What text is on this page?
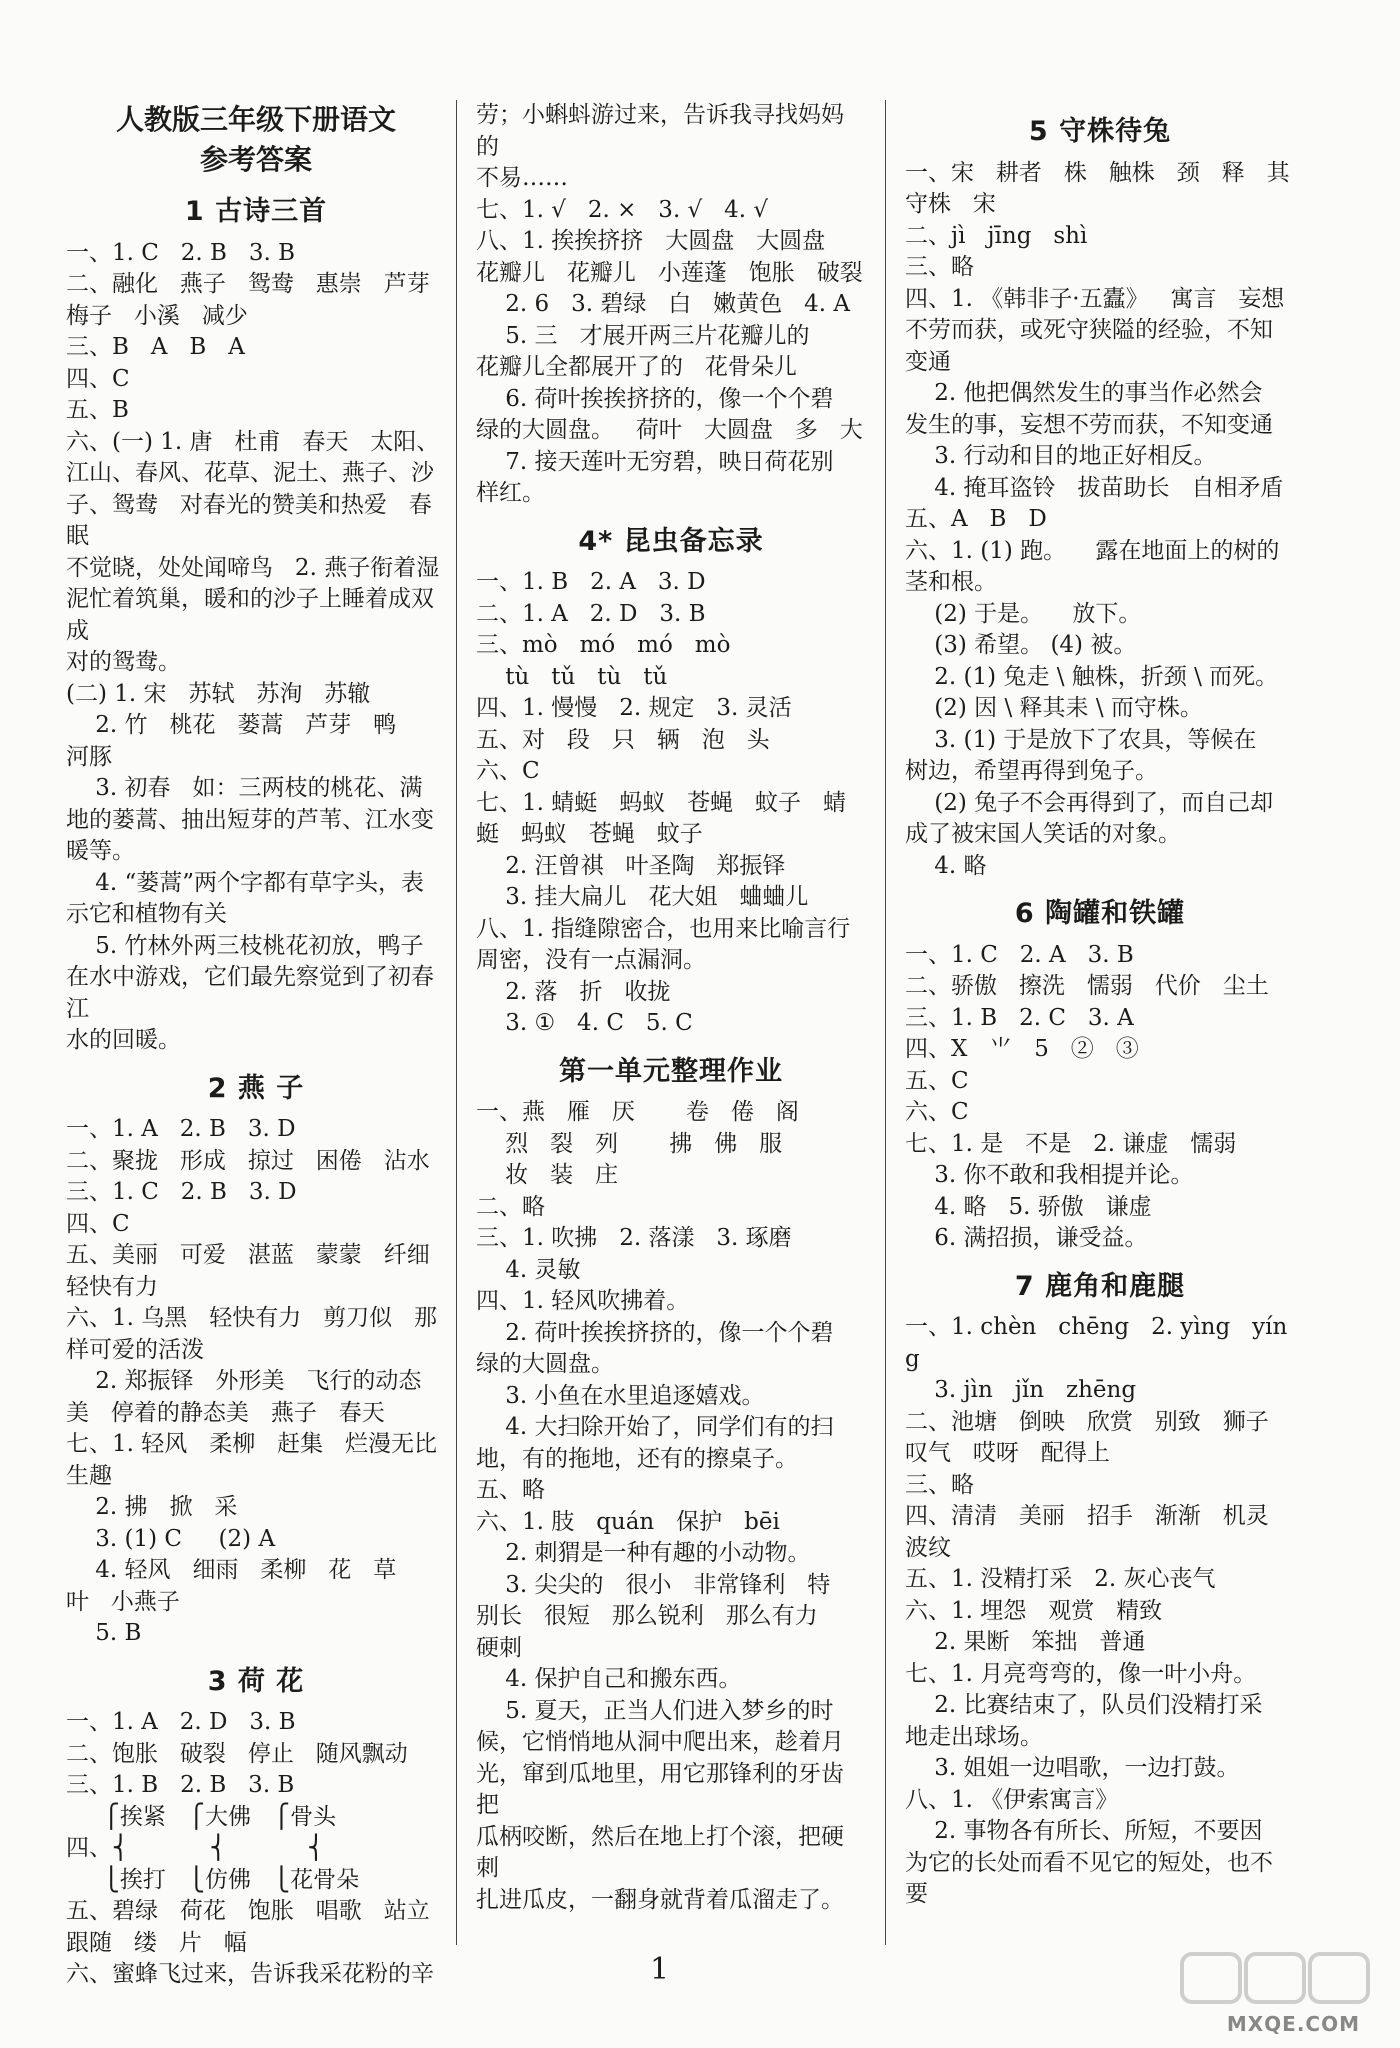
人教版三年级下册语文
参考答案
1 古诗三首
一、1. C   2. B   3. B
二、融化   燕子   鸳鸯   惠崇   芦芽
梅子   小溪   减少
三、B   A   B   A
四、C
五、B
六、(一) 1. 唐   杜甫   春天   太阳、
江山、春风、花草、泥土、燕子、沙
子、鸳鸯   对春光的赞美和热爱   春眠
不觉晓，处处闻啼鸟   2. 燕子衔着湿
泥忙着筑巢，暖和的沙子上睡着成双成
对的鸳鸯。
(二) 1. 宋   苏轼   苏洵   苏辙
2. 竹   桃花   蒌蒿   芦芽   鸭
河豚
3. 初春   如：三两枝的桃花、满
地的蒌蒿、抽出短芽的芦苇、江水变
暖等。
4. “蒌蒿”两个字都有草字头，表
示它和植物有关
5. 竹林外两三枝桃花初放，鸭子
在水中游戏，它们最先察觉到了初春江
水的回暖。
2 燕 子
一、1. A   2. B   3. D
二、聚拢   形成   掠过   困倦   沾水
三、1. C   2. B   3. D
四、C
五、美丽   可爱   湛蓝   蒙蒙   纤细
轻快有力
六、1. 乌黑   轻快有力   剪刀似   那
样可爱的活泼
2. 郑振铎   外形美   飞行的动态
美   停着的静态美   燕子   春天
七、1. 轻风   柔柳   赶集   烂漫无比
生趣
2. 拂   掀   采
3. (1) C     (2) A
4. 轻风   细雨   柔柳   花   草
叶   小燕子
5. B
3 荷 花
一、1. A   2. D   3. B
二、饱胀   破裂   停止   随风飘动
三、1. B   2. B   3. B
⎧挨紧   ⎧大佛   ⎧骨头
四、⎨           ⎨           ⎨
⎩挨打   ⎩仿佛   ⎩花骨朵
五、碧绿   荷花   饱胀   唱歌   站立
跟随   缕   片   幅
六、蜜蜂飞过来，告诉我采花粉的辛
劳；小蝌蚪游过来，告诉我寻找妈妈的
不易……
七、1. √   2. ×   3. √   4. √
八、1. 挨挨挤挤   大圆盘   大圆盘
花瓣儿   花瓣儿   小莲蓬   饱胀   破裂
2. 6   3. 碧绿   白   嫩黄色   4. A
5. 三   才展开两三片花瓣儿的
花瓣儿全都展开了的   花骨朵儿
6. 荷叶挨挨挤挤的，像一个个碧
绿的大圆盘。   荷叶   大圆盘   多   大
7. 接天莲叶无穷碧，映日荷花别
样红。
4* 昆虫备忘录
一、1. B   2. A   3. D
二、1. A   2. D   3. B
三、mò   mó   mó   mò
tù   tǔ   tù   tǔ
四、1. 慢慢   2. 规定   3. 灵活
五、对   段   只   辆   泡   头
六、C
七、1. 蜻蜓   蚂蚁   苍蝇   蚊子   蜻
蜓   蚂蚁   苍蝇   蚊子
2. 汪曾祺   叶圣陶   郑振铎
3. 挂大扁儿   花大姐   蛐蛐儿
八、1. 指缝隙密合，也用来比喻言行
周密，没有一点漏洞。
2. 落   折   收拢
3. ①   4. C   5. C
第一单元整理作业
一、燕   雁   厌       卷   倦   阁
烈   裂   列       拂   佛   服
妆   装   庄
二、略
三、1. 吹拂   2. 落漾   3. 琢磨
4. 灵敏
四、1. 轻风吹拂着。
2. 荷叶挨挨挤挤的，像一个个碧
绿的大圆盘。
3. 小鱼在水里追逐嬉戏。
4. 大扫除开始了，同学们有的扫
地，有的拖地，还有的擦桌子。
五、略
六、1. 肢   quán   保护   bēi
2. 刺猬是一种有趣的小动物。
3. 尖尖的   很小   非常锋利   特
别长   很短   那么锐利   那么有力
硬刺
4. 保护自己和搬东西。
5. 夏天，正当人们进入梦乡的时
候，它悄悄地从洞中爬出来，趁着月
光，窜到瓜地里，用它那锋利的牙齿把
瓜柄咬断，然后在地上打个滚，把硬刺
扎进瓜皮，一翻身就背着瓜溜走了。
5 守株待兔
一、宋   耕者   株   触株   颈   释   其
守株   宋
二、jì   jīng   shì
三、略
四、1. 《韩非子·五蠹》   寓言   妄想
不劳而获，或死守狭隘的经验，不知
变通
2. 他把偶然发生的事当作必然会
发生的事，妄想不劳而获，不知变通
3. 行动和目的地正好相反。
4. 掩耳盗铃   拔苗助长   自相矛盾
五、A   B   D
六、1. (1) 跑。    露在地面上的树的
茎和根。
(2) 于是。    放下。
(3) 希望。 (4) 被。
2. (1) 兔走 \ 触株，折颈 \ 而死。
(2) 因 \ 释其耒 \ 而守株。
3. (1) 于是放下了农具，等候在
树边，希望再得到兔子。
(2) 兔子不会再得到了，而自己却
成了被宋国人笑话的对象。
4. 略
6 陶罐和铁罐
一、1. C   2. A   3. B
二、骄傲   擦洗   懦弱   代价   尘土
三、1. B   2. C   3. A
四、X   ⺌   5   ②   ③
五、C
六、C
七、1. 是   不是   2. 谦虚   懦弱
3. 你不敢和我相提并论。
4. 略   5. 骄傲   谦虚
6. 满招损，谦受益。
7 鹿角和鹿腿
一、1. chèn   chēng   2. yìng   yíng
3. jìn   jǐn   zhēng
二、池塘   倒映   欣赏   别致   狮子
叹气   哎呀   配得上
三、略
四、清清   美丽   招手   渐渐   机灵
波纹
五、1. 没精打采   2. 灰心丧气
六、1. 埋怨   观赏   精致
2. 果断   笨拙   普通
七、1. 月亮弯弯的，像一叶小舟。
2. 比赛结束了，队员们没精打采
地走出球场。
3. 姐姐一边唱歌，一边打鼓。
八、1. 《伊索寓言》
2. 事物各有所长、所短，不要因
为它的长处而看不见它的短处，也不要
1
MXQE.COM
